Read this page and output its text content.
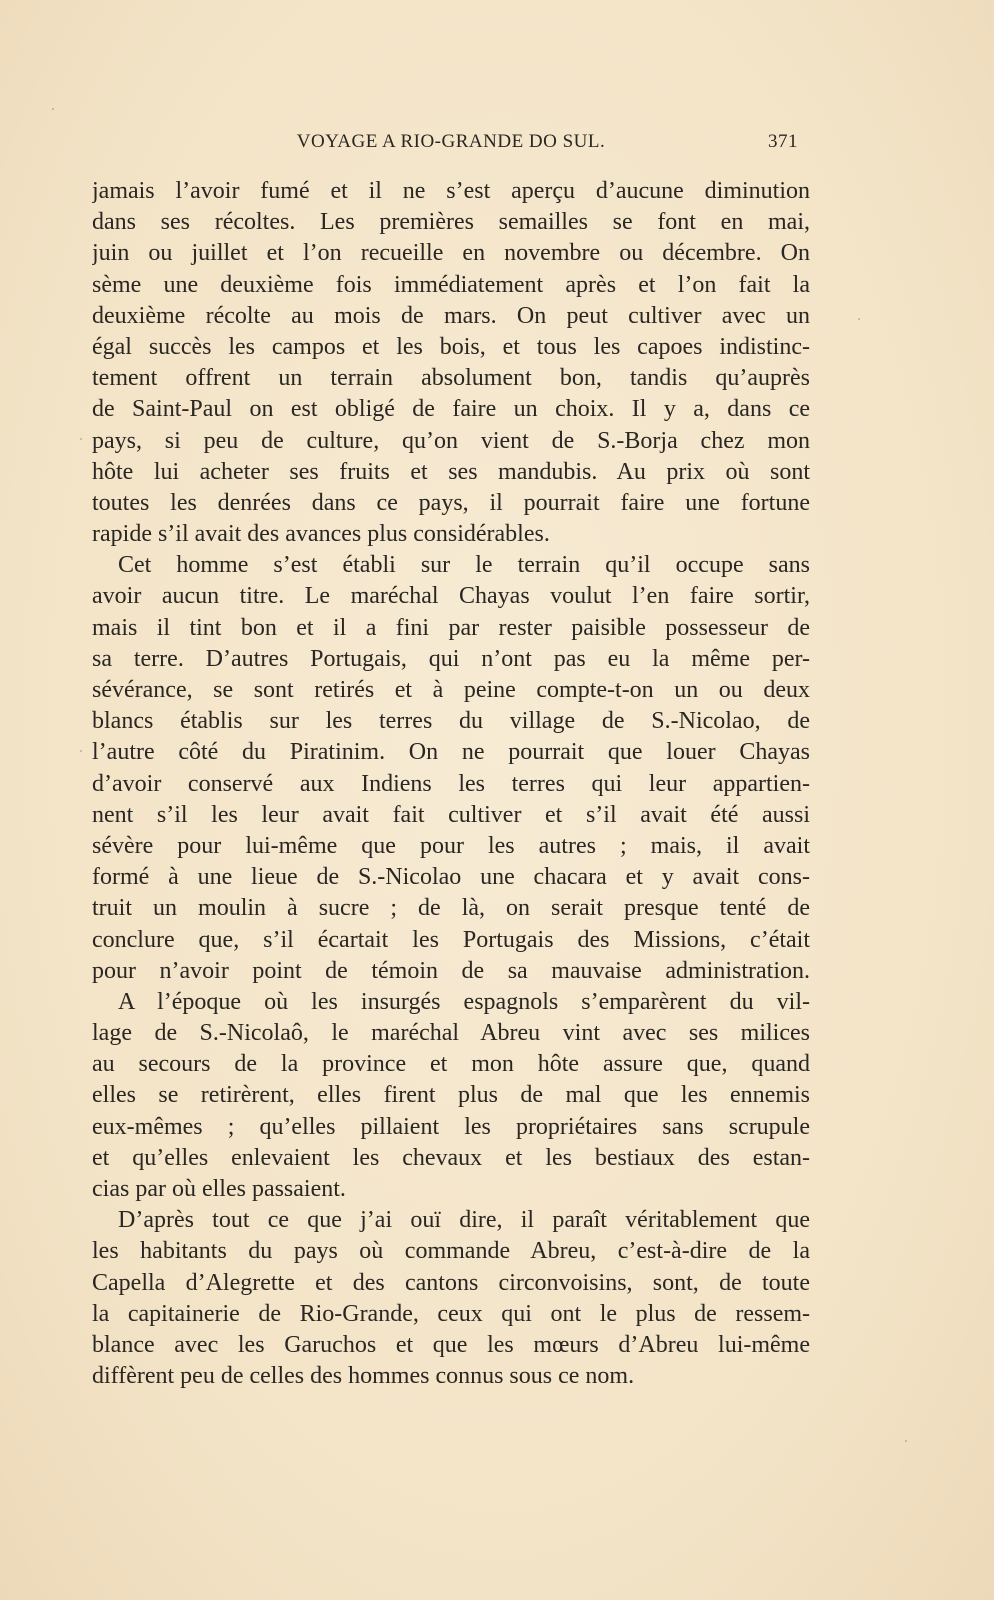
VOYAGE A RIO-GRANDE DO SUL.	371
jamais l’avoir fumé et il ne s’est aperçu d’aucune diminution
dans ses récoltes. Les premières semailles se font en mai,
juin ou juillet et l’on recueille en novembre ou décembre. On
sème une deuxième fois immédiatement après et l’on fait la
deuxième récolte au mois de mars. On peut cultiver avec un
égal succès les campos et les bois, et tous les capoes indistinc-
tement offrent un terrain absolument bon, tandis qu’auprès
de Saint-Paul on est obligé de faire un choix. Il y a, dans ce
pays, si peu de culture, qu’on vient de S.-Borja chez mon
hôte lui acheter ses fruits et ses mandubis. Au prix où sont
toutes les denrées dans ce pays, il pourrait faire une fortune
rapide s’il avait des avances plus considérables.
Cet homme s’est établi sur le terrain qu’il occupe sans
avoir aucun titre. Le maréchal Chayas voulut l’en faire sortir,
mais il tint bon et il a fini par rester paisible possesseur de
sa terre. D’autres Portugais, qui n’ont pas eu la même per-
sévérance, se sont retirés et à peine compte-t-on un ou deux
blancs établis sur les terres du village de S.-Nicolao, de
l’autre côté du Piratinim. On ne pourrait que louer Chayas
d’avoir conservé aux Indiens les terres qui leur appartien-
nent s’il les leur avait fait cultiver et s’il avait été aussi
sévère pour lui-même que pour les autres ; mais, il avait
formé à une lieue de S.-Nicolao une chacara et y avait cons-
truit un moulin à sucre ; de là, on serait presque tenté de
conclure que, s’il écartait les Portugais des Missions, c’était
pour n’avoir point de témoin de sa mauvaise administration.
A l’époque où les insurgés espagnols s’emparèrent du vil-
lage de S.-Nicolaô, le maréchal Abreu vint avec ses milices
au secours de la province et mon hôte assure que, quand
elles se retirèrent, elles firent plus de mal que les ennemis
eux-mêmes ; qu’elles pillaient les propriétaires sans scrupule
et qu’elles enlevaient les chevaux et les bestiaux des estan-
cias par où elles passaient.
D’après tout ce que j’ai ouï dire, il paraît véritablement que
les habitants du pays où commande Abreu, c’est-à-dire de la
Capella d’Alegrette et des cantons circonvoisins, sont, de toute
la capitainerie de Rio-Grande, ceux qui ont le plus de ressem-
blance avec les Garuchos et que les mœurs d’Abreu lui-même
diffèrent peu de celles des hommes connus sous ce nom.
